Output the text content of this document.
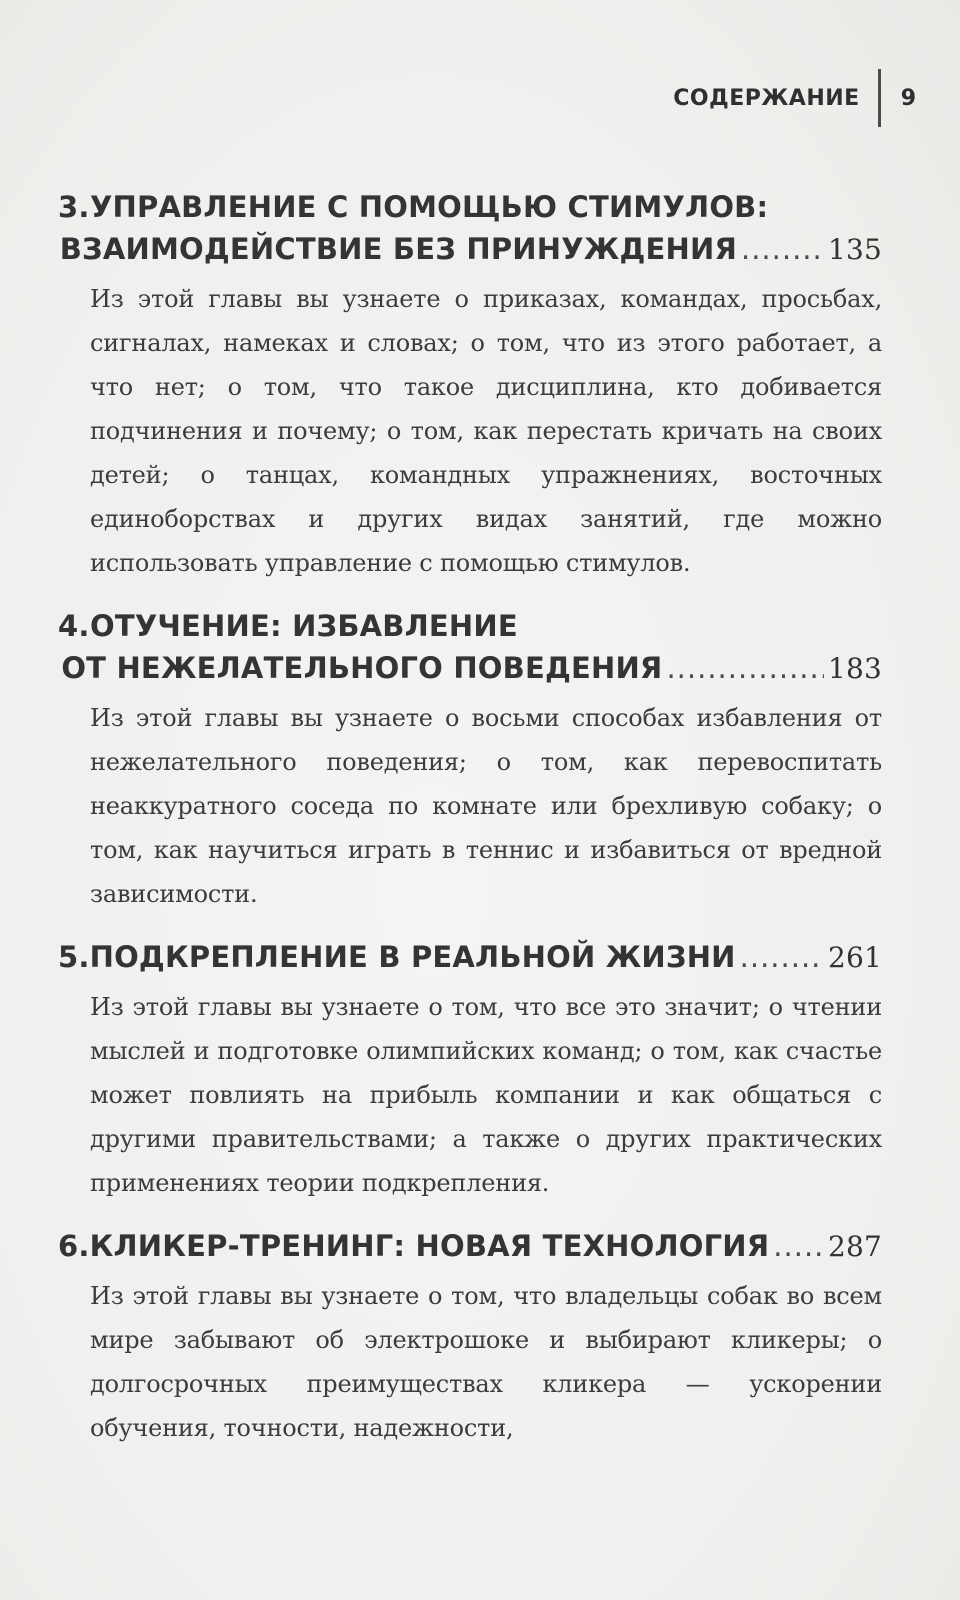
СОДЕРЖАНИЕ	9
3. УПРАВЛЕНИЕ С ПОМОЩЬЮ СТИМУЛОВ:
ВЗАИМОДЕЙСТВИЕ БЕЗ ПРИНУЖДЕНИЯ .....	135
Из этой главы вы узнаете о приказах, командах, просьбах, сигналах, намеках и словах; о том, что из этого работает, а что нет; о том, что такое дисциплина, кто добивается подчинения и почему; о том, как перестать кричать на своих детей; о танцах, командных упражнениях, восточных единоборствах и других видах занятий, где можно использовать управление с помощью стимулов.
4. ОТУЧЕНИЕ: ИЗБАВЛЕНИЕ
ОТ НЕЖЕЛАТЕЛЬНОГО ПОВЕДЕНИЯ .....	183
Из этой главы вы узнаете о восьми способах избавления от нежелательного поведения; о том, как перевоспитать неаккуратного соседа по комнате или брехливую собаку; о том, как научиться играть в теннис и избавиться от вредной зависимости.
5. ПОДКРЕПЛЕНИЕ В РЕАЛЬНОЙ ЖИЗНИ .....	261
Из этой главы вы узнаете о том, что все это значит; о чтении мыслей и подготовке олимпийских команд; о том, как счастье может повлиять на прибыль компании и как общаться с другими правительствами; а также о других практических применениях теории подкрепления.
6. КЛИКЕР-ТРЕНИНГ: НОВАЯ ТЕХНОЛОГИЯ ..... 287
Из этой главы вы узнаете о том, что владельцы собак во всем мире забывают об электрошоке и выбирают кликеры; о долгосрочных преимуществах кликера — ускорении обучения, точности, надежности,
